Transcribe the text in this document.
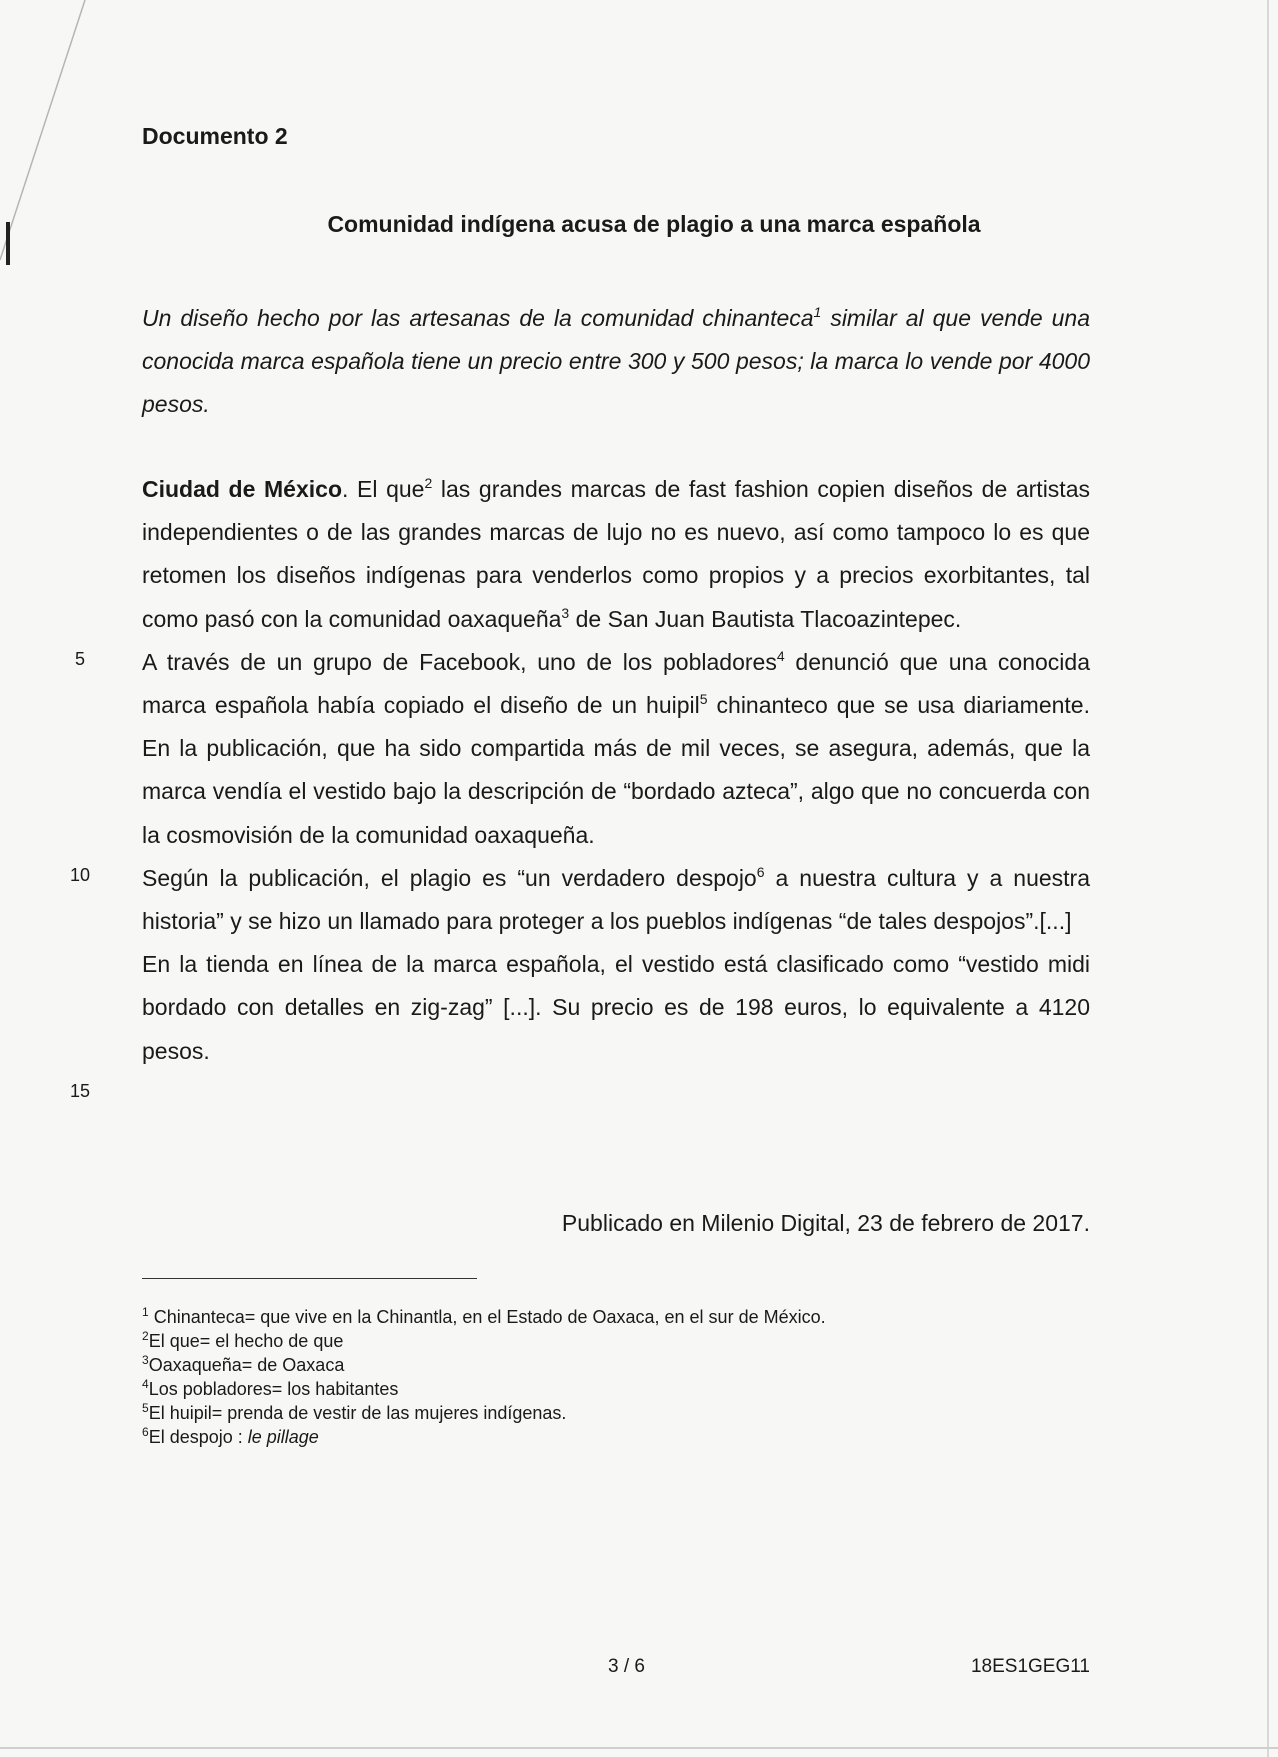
Documento 2
Comunidad indígena acusa de plagio a una marca española

Un diseño hecho por las artesanas de la comunidad chinanteca$^1$ similar al que vende una conocida marca española tiene un precio entre 300 y 500 pesos; la marca lo vende por 4000 pesos.

Ciudad de México. El que$^2$ las grandes marcas de fast fashion copien diseños de artistas independientes o de las grandes marcas de lujo no es nuevo, así como tampoco lo es que retomen los diseños indígenas para venderlos como propios y a precios exorbitantes, tal como pasó con la comunidad oaxaqueña$^3$ de San Juan Bautista Tlacoazintepec.

A través de un grupo de Facebook, uno de los pobladores$^4$ denunció que una conocida marca española había copiado el diseño de un huipil$^5$ chinanteco que se usa diariamente. En la publicación, que ha sido compartida más de mil veces, se asegura, además, que la marca vendía el vestido bajo la descripción de “bordado azteca”, algo que no concuerda con la cosmovisión de la comunidad oaxaqueña.

Según la publicación, el plagio es “un verdadero despojo$^6$ a nuestra cultura y a nuestra historia” y se hizo un llamado para proteger a los pueblos indígenas “de tales despojos”.[...]

En la tienda en línea de la marca española, el vestido está clasificado como “vestido midi bordado con detalles en zig-zag” [...]. Su precio es de 198 euros, lo equivalente a 4120 pesos.

5
10
15

Publicado en Milenio Digital, 23 de febrero de 2017.

$^1$ Chinanteca= que vive en la Chinantla, en el Estado de Oaxaca, en el sur de México.
$^2$El que= el hecho de que
$^3$Oaxaqueña= de Oaxaca
$^4$Los pobladores= los habitantes
$^5$El huipil= prenda de vestir de las mujeres indígenas.
$^6$El despojo : le pillage
3 / 6	18ES1GEG11
